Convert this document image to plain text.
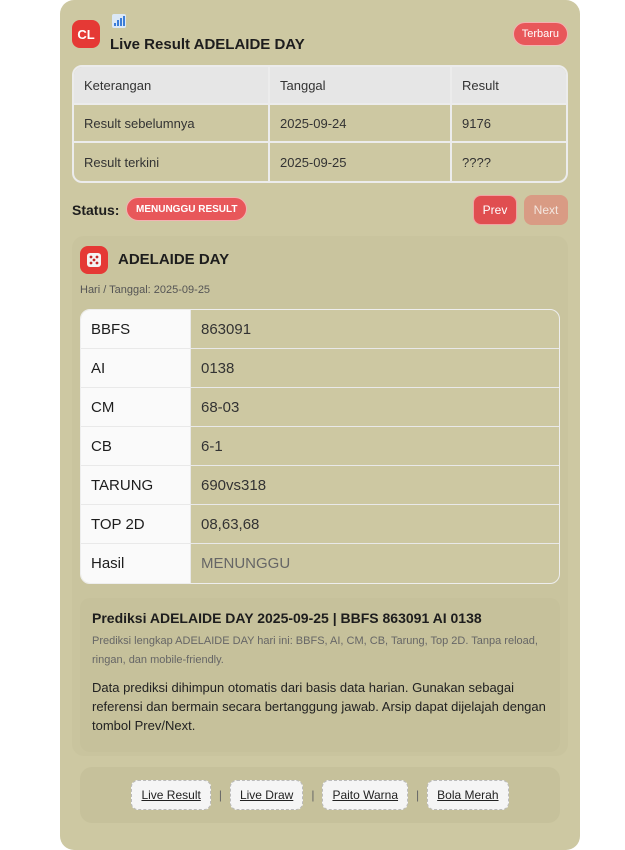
CL
Live Result ADELAIDE DAY
Terbaru
Keterangan	Tanggal	Result
Result sebelumnya	2025-09-24	9176
Result terkini	2025-09-25	????
Status:	MENUNGGU RESULT	Prev	Next
ADELAIDE DAY
Hari / Tanggal: 2025-09-25
BBFS	863091
AI	0138
CM	68-03
CB	6-1
TARUNG	690vs318
TOP 2D	08,63,68
Hasil	MENUNGGU
Prediksi ADELAIDE DAY 2025-09-25 | BBFS 863091 AI 0138

Prediksi lengkap ADELAIDE DAY hari ini: BBFS, AI, CM, CB, Tarung, Top 2D. Tanpa reload, ringan, dan mobile-friendly.

Data prediksi dihimpun otomatis dari basis data harian. Gunakan sebagai referensi dan bermain secara bertanggung jawab. Arsip dapat dijelajah dengan tombol Prev/Next.

Live Result	|	Live Draw	|	Paito Warna	|	Bola Merah
